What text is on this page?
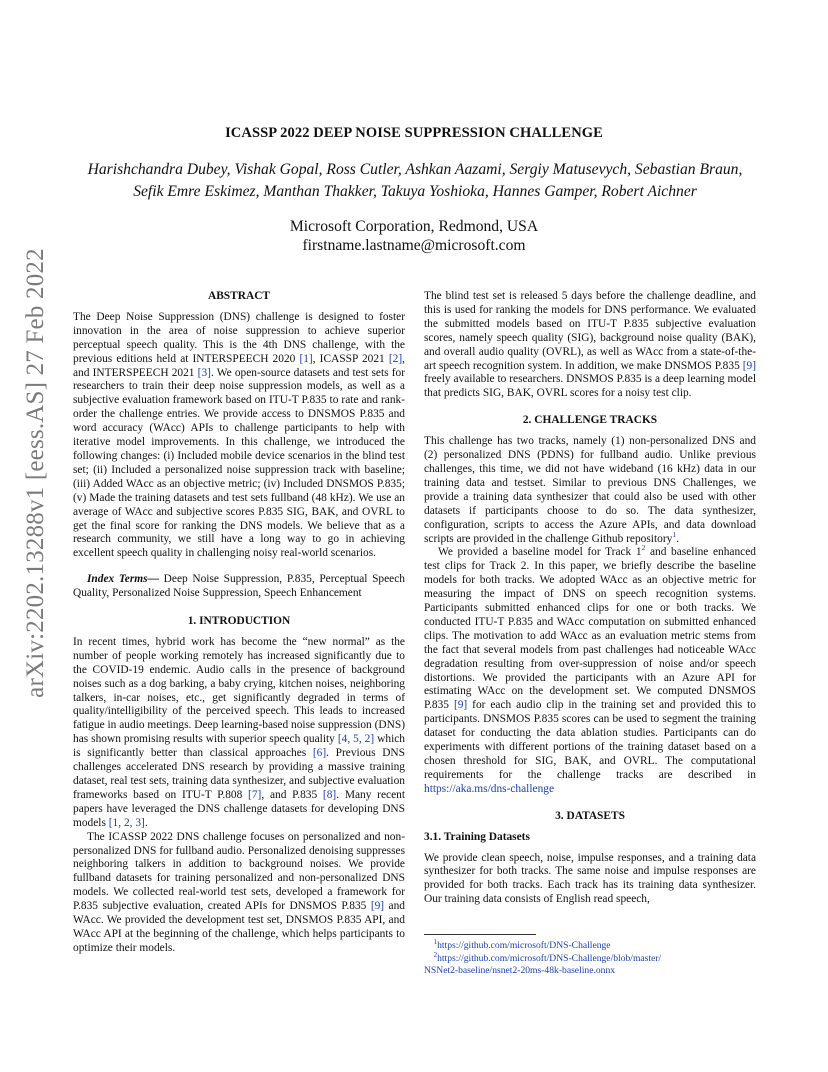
arXiv:2202.13288v1 [eess.AS] 27 Feb 2022
ICASSP 2022 DEEP NOISE SUPPRESSION CHALLENGE
Harishchandra Dubey, Vishak Gopal, Ross Cutler, Ashkan Aazami, Sergiy Matusevych, Sebastian Braun,
Sefik Emre Eskimez, Manthan Thakker, Takuya Yoshioka, Hannes Gamper, Robert Aichner
Microsoft Corporation, Redmond, USA
firstname.lastname@microsoft.com
ABSTRACT

The Deep Noise Suppression (DNS) challenge is designed to foster innovation in the area of noise suppression to achieve superior perceptual speech quality. This is the 4th DNS challenge, with the previous editions held at INTERSPEECH 2020 [1], ICASSP 2021 [2], and INTERSPEECH 2021 [3]. We open-source datasets and test sets for researchers to train their deep noise suppression models, as well as a subjective evaluation framework based on ITU-T P.835 to rate and rank-order the challenge entries. We provide access to DNSMOS P.835 and word accuracy (WAcc) APIs to challenge participants to help with iterative model improvements. In this challenge, we introduced the following changes: (i) Included mobile device scenarios in the blind test set; (ii) Included a personalized noise suppression track with baseline; (iii) Added WAcc as an objective metric; (iv) Included DNSMOS P.835; (v) Made the training datasets and test sets fullband (48 kHz). We use an average of WAcc and subjective scores P.835 SIG, BAK, and OVRL to get the final score for ranking the DNS models. We believe that as a research community, we still have a long way to go in achieving excellent speech quality in challenging noisy real-world scenarios.

Index Terms— Deep Noise Suppression, P.835, Perceptual Speech Quality, Personalized Noise Suppression, Speech Enhancement

1. INTRODUCTION

In recent times, hybrid work has become the “new normal” as the number of people working remotely has increased significantly due to the COVID-19 endemic. Audio calls in the presence of background noises such as a dog barking, a baby crying, kitchen noises, neighboring talkers, in-car noises, etc., get significantly degraded in terms of quality/intelligibility of the perceived speech. This leads to increased fatigue in audio meetings. Deep learning-based noise suppression (DNS) has shown promising results with superior speech quality [4, 5, 2] which is significantly better than classical approaches [6]. Previous DNS challenges accelerated DNS research by providing a massive training dataset, real test sets, training data synthesizer, and subjective evaluation frameworks based on ITU-T P.808 [7], and P.835 [8]. Many recent papers have leveraged the DNS challenge datasets for developing DNS models [1, 2, 3].

The ICASSP 2022 DNS challenge focuses on personalized and non-personalized DNS for fullband audio. Personalized denoising suppresses neighboring talkers in addition to background noises. We provide fullband datasets for training personalized and non-personalized DNS models. We collected real-world test sets, developed a framework for P.835 subjective evaluation, created APIs for DNSMOS P.835 [9] and WAcc. We provided the development test set, DNSMOS P.835 API, and WAcc API at the beginning of the challenge, which helps participants to optimize their models.

The blind test set is released 5 days before the challenge deadline, and this is used for ranking the models for DNS performance. We evaluated the submitted models based on ITU-T P.835 subjective evaluation scores, namely speech quality (SIG), background noise quality (BAK), and overall audio quality (OVRL), as well as WAcc from a state-of-the-art speech recognition system. In addition, we make DNSMOS P.835 [9] freely available to researchers. DNSMOS P.835 is a deep learning model that predicts SIG, BAK, OVRL scores for a noisy test clip.

2. CHALLENGE TRACKS

This challenge has two tracks, namely (1) non-personalized DNS and (2) personalized DNS (PDNS) for fullband audio. Unlike previous challenges, this time, we did not have wideband (16 kHz) data in our training data and testset. Similar to previous DNS Challenges, we provide a training data synthesizer that could also be used with other datasets if participants choose to do so. The data synthesizer, configuration, scripts to access the Azure APIs, and data download scripts are provided in the challenge Github repository$^1$.

We provided a baseline model for Track 1$^2$ and baseline enhanced test clips for Track 2. In this paper, we briefly describe the baseline models for both tracks. We adopted WAcc as an objective metric for measuring the impact of DNS on speech recognition systems. Participants submitted enhanced clips for one or both tracks. We conducted ITU-T P.835 and WAcc computation on submitted enhanced clips. The motivation to add WAcc as an evaluation metric stems from the fact that several models from past challenges had noticeable WAcc degradation resulting from over-suppression of noise and/or speech distortions. We provided the participants with an Azure API for estimating WAcc on the development set. We computed DNSMOS P.835 [9] for each audio clip in the training set and provided this to participants. DNSMOS P.835 scores can be used to segment the training dataset for conducting the data ablation studies. Participants can do experiments with different portions of the training dataset based on a chosen threshold for SIG, BAK, and OVRL. The computational requirements for the challenge tracks are described in https://aka.ms/dns-challenge

3. DATASETS
3.1. Training Datasets

We provide clean speech, noise, impulse responses, and a training data synthesizer for both tracks. The same noise and impulse responses are provided for both tracks. Each track has its training data synthesizer. Our training data consists of English read speech,

$^1$https://github.com/microsoft/DNS-Challenge
$^2$https://github.com/microsoft/DNS-Challenge/blob/master/
NSNet2-baseline/nsnet2-20ms-48k-baseline.onnx
